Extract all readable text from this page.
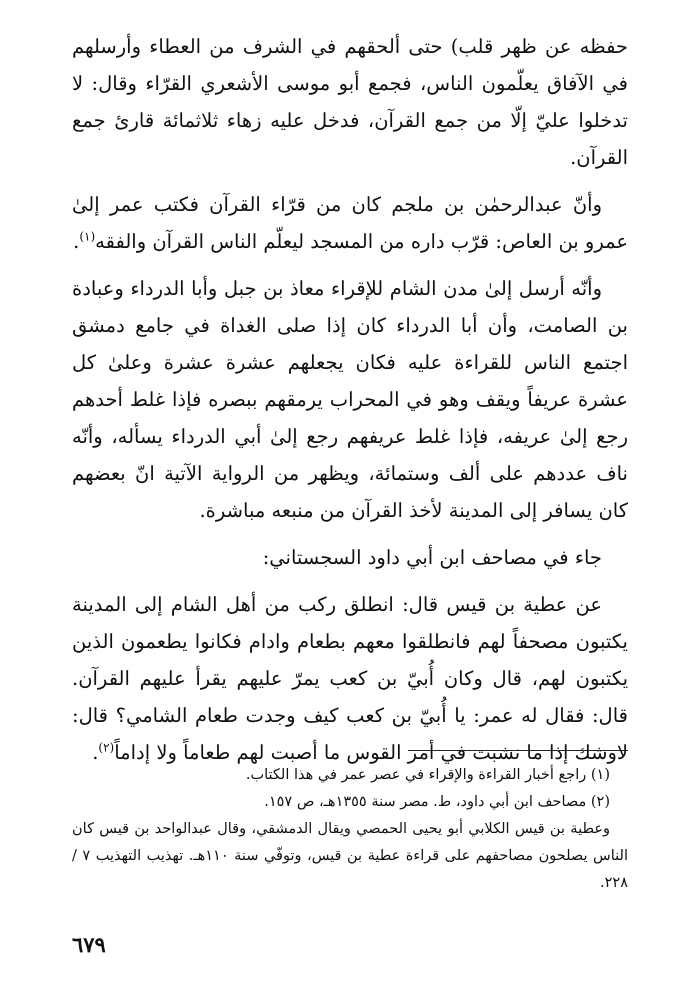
حفظه عن ظهر قلب) حتى ألحقهم في الشرف من العطاء وأرسلهم في الآفاق يعلّمون الناس، فجمع أبو موسى الأشعري القرّاء وقال: لا تدخلوا عليّ إلّا من جمع القرآن، فدخل عليه زهاء ثلاثمائة قارئ جمع القرآن.

وأنّ عبدالرحمٰن بن ملجم كان من قرّاء القرآن فكتب عمر إلىٰ عمرو بن العاص: قرّب داره من المسجد ليعلّم الناس القرآن والفقه$^{(١)}$.

وأنّه أرسل إلىٰ مدن الشام للإقراء معاذ بن جبل وأبا الدرداء وعبادة بن الصامت، وأن أبا الدرداء كان إذا صلى الغداة في جامع دمشق اجتمع الناس للقراءة عليه فكان يجعلهم عشرة عشرة وعلىٰ كل عشرة عريفاً ويقف وهو في المحراب يرمقهم ببصره فإذا غلط أحدهم رجع إلىٰ عريفه، فإذا غلط عريفهم رجع إلىٰ أبي الدرداء يسأله، وأنّه ناف عددهم على ألف وستمائة، ويظهر من الرواية الآتية انّ بعضهم كان يسافر إلى المدينة لأخذ القرآن من منبعه مباشرة.

جاء في مصاحف ابن أبي داود السجستاني:

عن عطية بن قيس قال: انطلق ركب من أهل الشام إلى المدينة يكتبون مصحفاً لهم فانطلقوا معهم بطعام وادام فكانوا يطعمون الذين يكتبون لهم، قال وكان أُبيّ بن كعب يمرّ عليهم يقرأ عليهم القرآن. قال: فقال له عمر: يا أُبيّ بن كعب كيف وجدت طعام الشامي؟ قال: لاوشك إذا ما نشبت في أمر القوس ما أصبت لهم طعاماً ولا إداماً$^{(٢)}$.

(١) راجع أخبار القراءة والإقراء في عصر عمر في هذا الكتاب.

(٢) مصاحف ابن أبي داود، ط. مصر سنة ١٣٥٥هـ، ص ١٥٧.

وعطية بن قيس الكلابي أبو يحيى الحمصي ويقال الدمشقي، وقال عبدالواحد بن قيس كان الناس يصلحون مصاحفهم على قراءة عطية بن قيس، وتوفّي سنة ١١٠هـ. تهذيب التهذيب ٧ / ٢٢٨.

٦٧٩
